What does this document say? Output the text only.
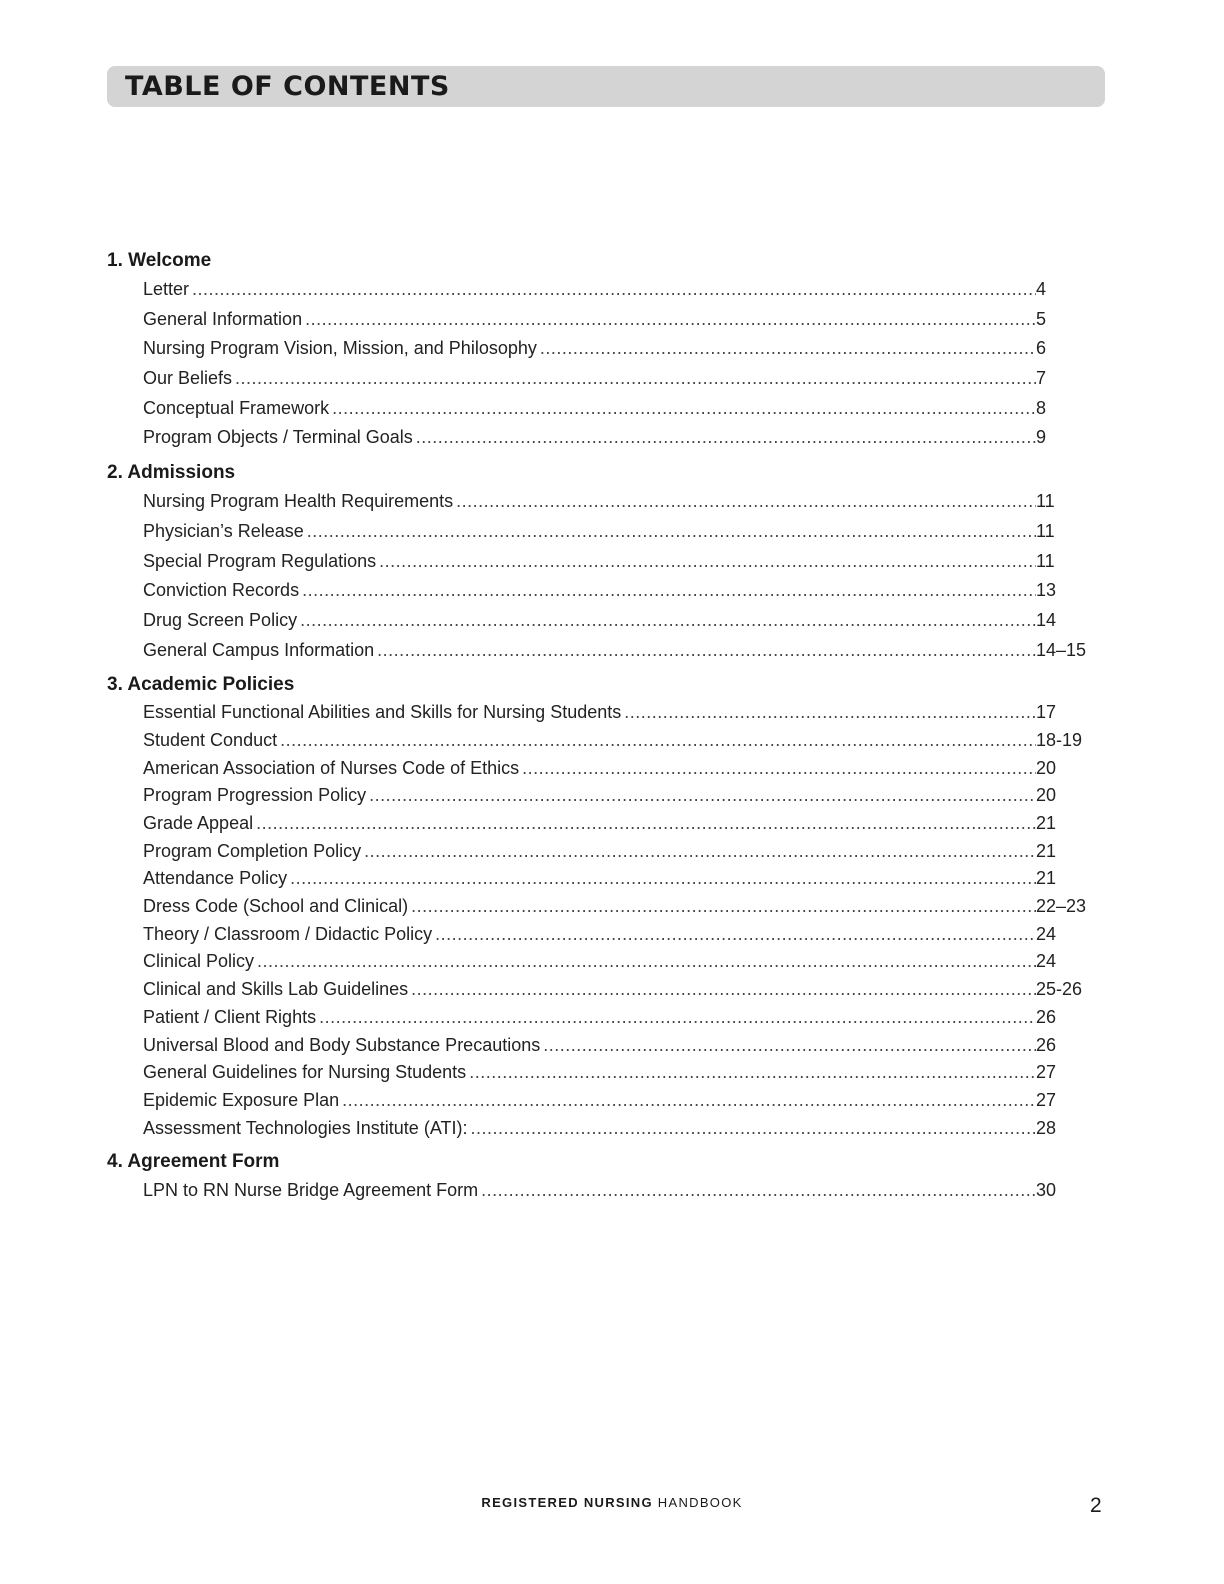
TABLE OF CONTENTS
1. Welcome
Letter .....	4
General Information .....	5
Nursing Program Vision, Mission, and Philosophy .....	6
Our Beliefs .....	7
Conceptual Framework .....	8
Program Objects / Terminal Goals .....	9
2. Admissions
Nursing Program Health Requirements .....	11
Physician’s Release .....	11
Special Program Regulations .....	11
Conviction Records .....	13
Drug Screen Policy .....	14
General Campus Information .....	14–15
3. Academic Policies
Essential Functional Abilities and Skills for Nursing Students .....	17
Student Conduct .....	18-19
American Association of Nurses Code of Ethics .....	20
Program Progression Policy .....	20
Grade Appeal .....	21
Program Completion Policy .....	21
Attendance Policy .....	21
Dress Code (School and Clinical) .....	22–23
Theory / Classroom / Didactic Policy .....	24
Clinical Policy .....	24
Clinical and Skills Lab Guidelines .....	25-26
Patient / Client Rights .....	26
Universal Blood and Body Substance Precautions .....	26
General Guidelines for Nursing Students .....	27
Epidemic Exposure Plan .....	27
Assessment Technologies Institute (ATI): .....	28
4. Agreement Form
LPN to RN Nurse Bridge Agreement Form .....	30
REGISTERED NURSING HANDBOOK	2
